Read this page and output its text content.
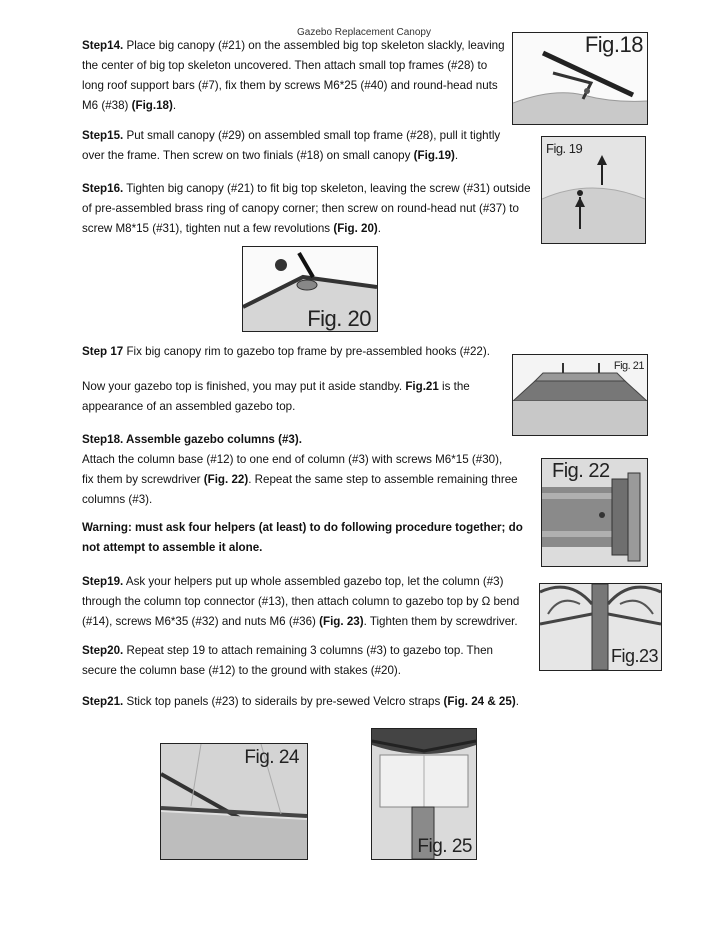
Gazebo Replacement Canopy

Step14. Place big canopy (#21) on the assembled big top skeleton slackly, leaving

the center of big top skeleton uncovered. Then attach small top frames (#28) to

long roof support bars (#7), fix them by screws M6*25 (#40) and round-head nuts

M6 (#38) (Fig.18).

Step15. Put small canopy (#29) on assembled small top frame (#28), pull it tightly

over the frame. Then screw on two finials (#18) on small canopy (Fig.19).

Step16. Tighten big canopy (#21) to fit big top skeleton, leaving the screw (#31) outside

of pre-assembled brass ring of canopy corner; then screw on round-head nut (#37) to

screw M8*15 (#31), tighten nut a few revolutions (Fig. 20).

Step 17 Fix big canopy rim to gazebo top frame by pre-assembled hooks (#22).

Now your gazebo top is finished, you may put it aside standby. Fig.21 is the

appearance of an assembled gazebo top.

Step18. Assemble gazebo columns (#3).

Attach the column base (#12) to one end of column (#3) with screws M6*15 (#30),

fix them by screwdriver (Fig. 22). Repeat the same step to assemble remaining three

columns (#3).

Warning: must ask four helpers (at least) to do following procedure together; do

not attempt to assemble it alone.

Step19. Ask your helpers put up whole assembled gazebo top, let the column (#3)

through the column top connector (#13), then attach column to gazebo top by Ω bend

(#14), screws M6*35 (#32) and nuts M6 (#36) (Fig. 23). Tighten them by screwdriver.

Step20. Repeat step 19 to attach remaining 3 columns (#3) to gazebo top. Then

secure the column base (#12) to the ground with stakes (#20).

Step21. Stick top panels (#23) to siderails by pre-sewed Velcro straps (Fig. 24 & 25).

Fig.18
Fig. 19
Fig. 20
Fig. 21
Fig. 22
Fig.23
Fig. 24
Fig. 25
